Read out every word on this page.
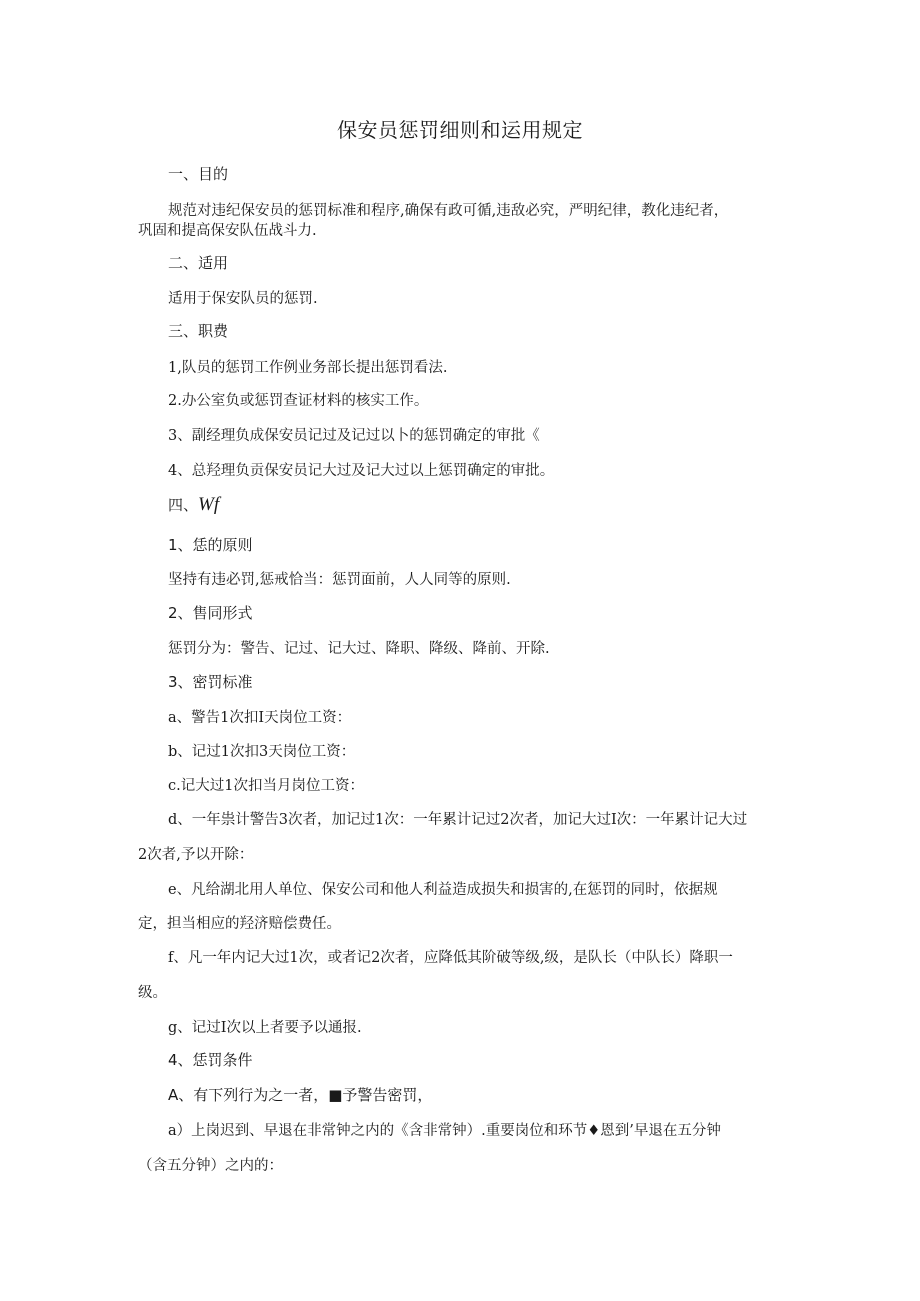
保安员惩罚细则和运用规定
一、目的
规范对违纪保安员的惩罚标准和程序,确保有政可循,违敌必究，严明纪律，教化违纪者，
巩固和提高保安队伍战斗力.
二、适用
适用于保安队员的惩罚.
三、职费
1,队员的惩罚工作例业务部长提出惩罚看法.
2.办公室负或惩罚查证材料的核实工作。
3、副经理负成保安员记过及记过以卜的惩罚确定的审批《
4、总羟理负贡保安员记大过及记大过以上惩罚确定的审批。
四、Wf
1、恁的原则
坚持有违必罚,惩戒恰当：惩罚面前，人人同等的原则.
2、售同形式
惩罚分为：警告、记过、记大过、降职、降级、降前、开除.
3、密罚标准
a、警告1次扣I天岗位工资：
b、记过1次扣3天岗位工资：
c.记大过1次扣当月岗位工资：
d、一年祟计警告3次者，加记过1次：一年累计记过2次者，加记大过I次：一年累计记大过
2次者,予以开除：
e、凡给湖北用人单位、保安公司和他人利益造成损失和损害的,在惩罚的同时，依据规
定，担当相应的羟济赔偿费任。
f、凡一年内记大过1次，或者记2次者，应降低其阶破等级,级，是队长（中队长）降职一
级。
g、记过I次以上者要予以通报.
4、恁罚条件
A、有下列行为之一者，■予警告密罚，
a）上岗迟到、早退在非常钟之内的《含非常钟）.重要岗位和环节♦恩到’早退在五分钟
（含五分钟）之内的：
